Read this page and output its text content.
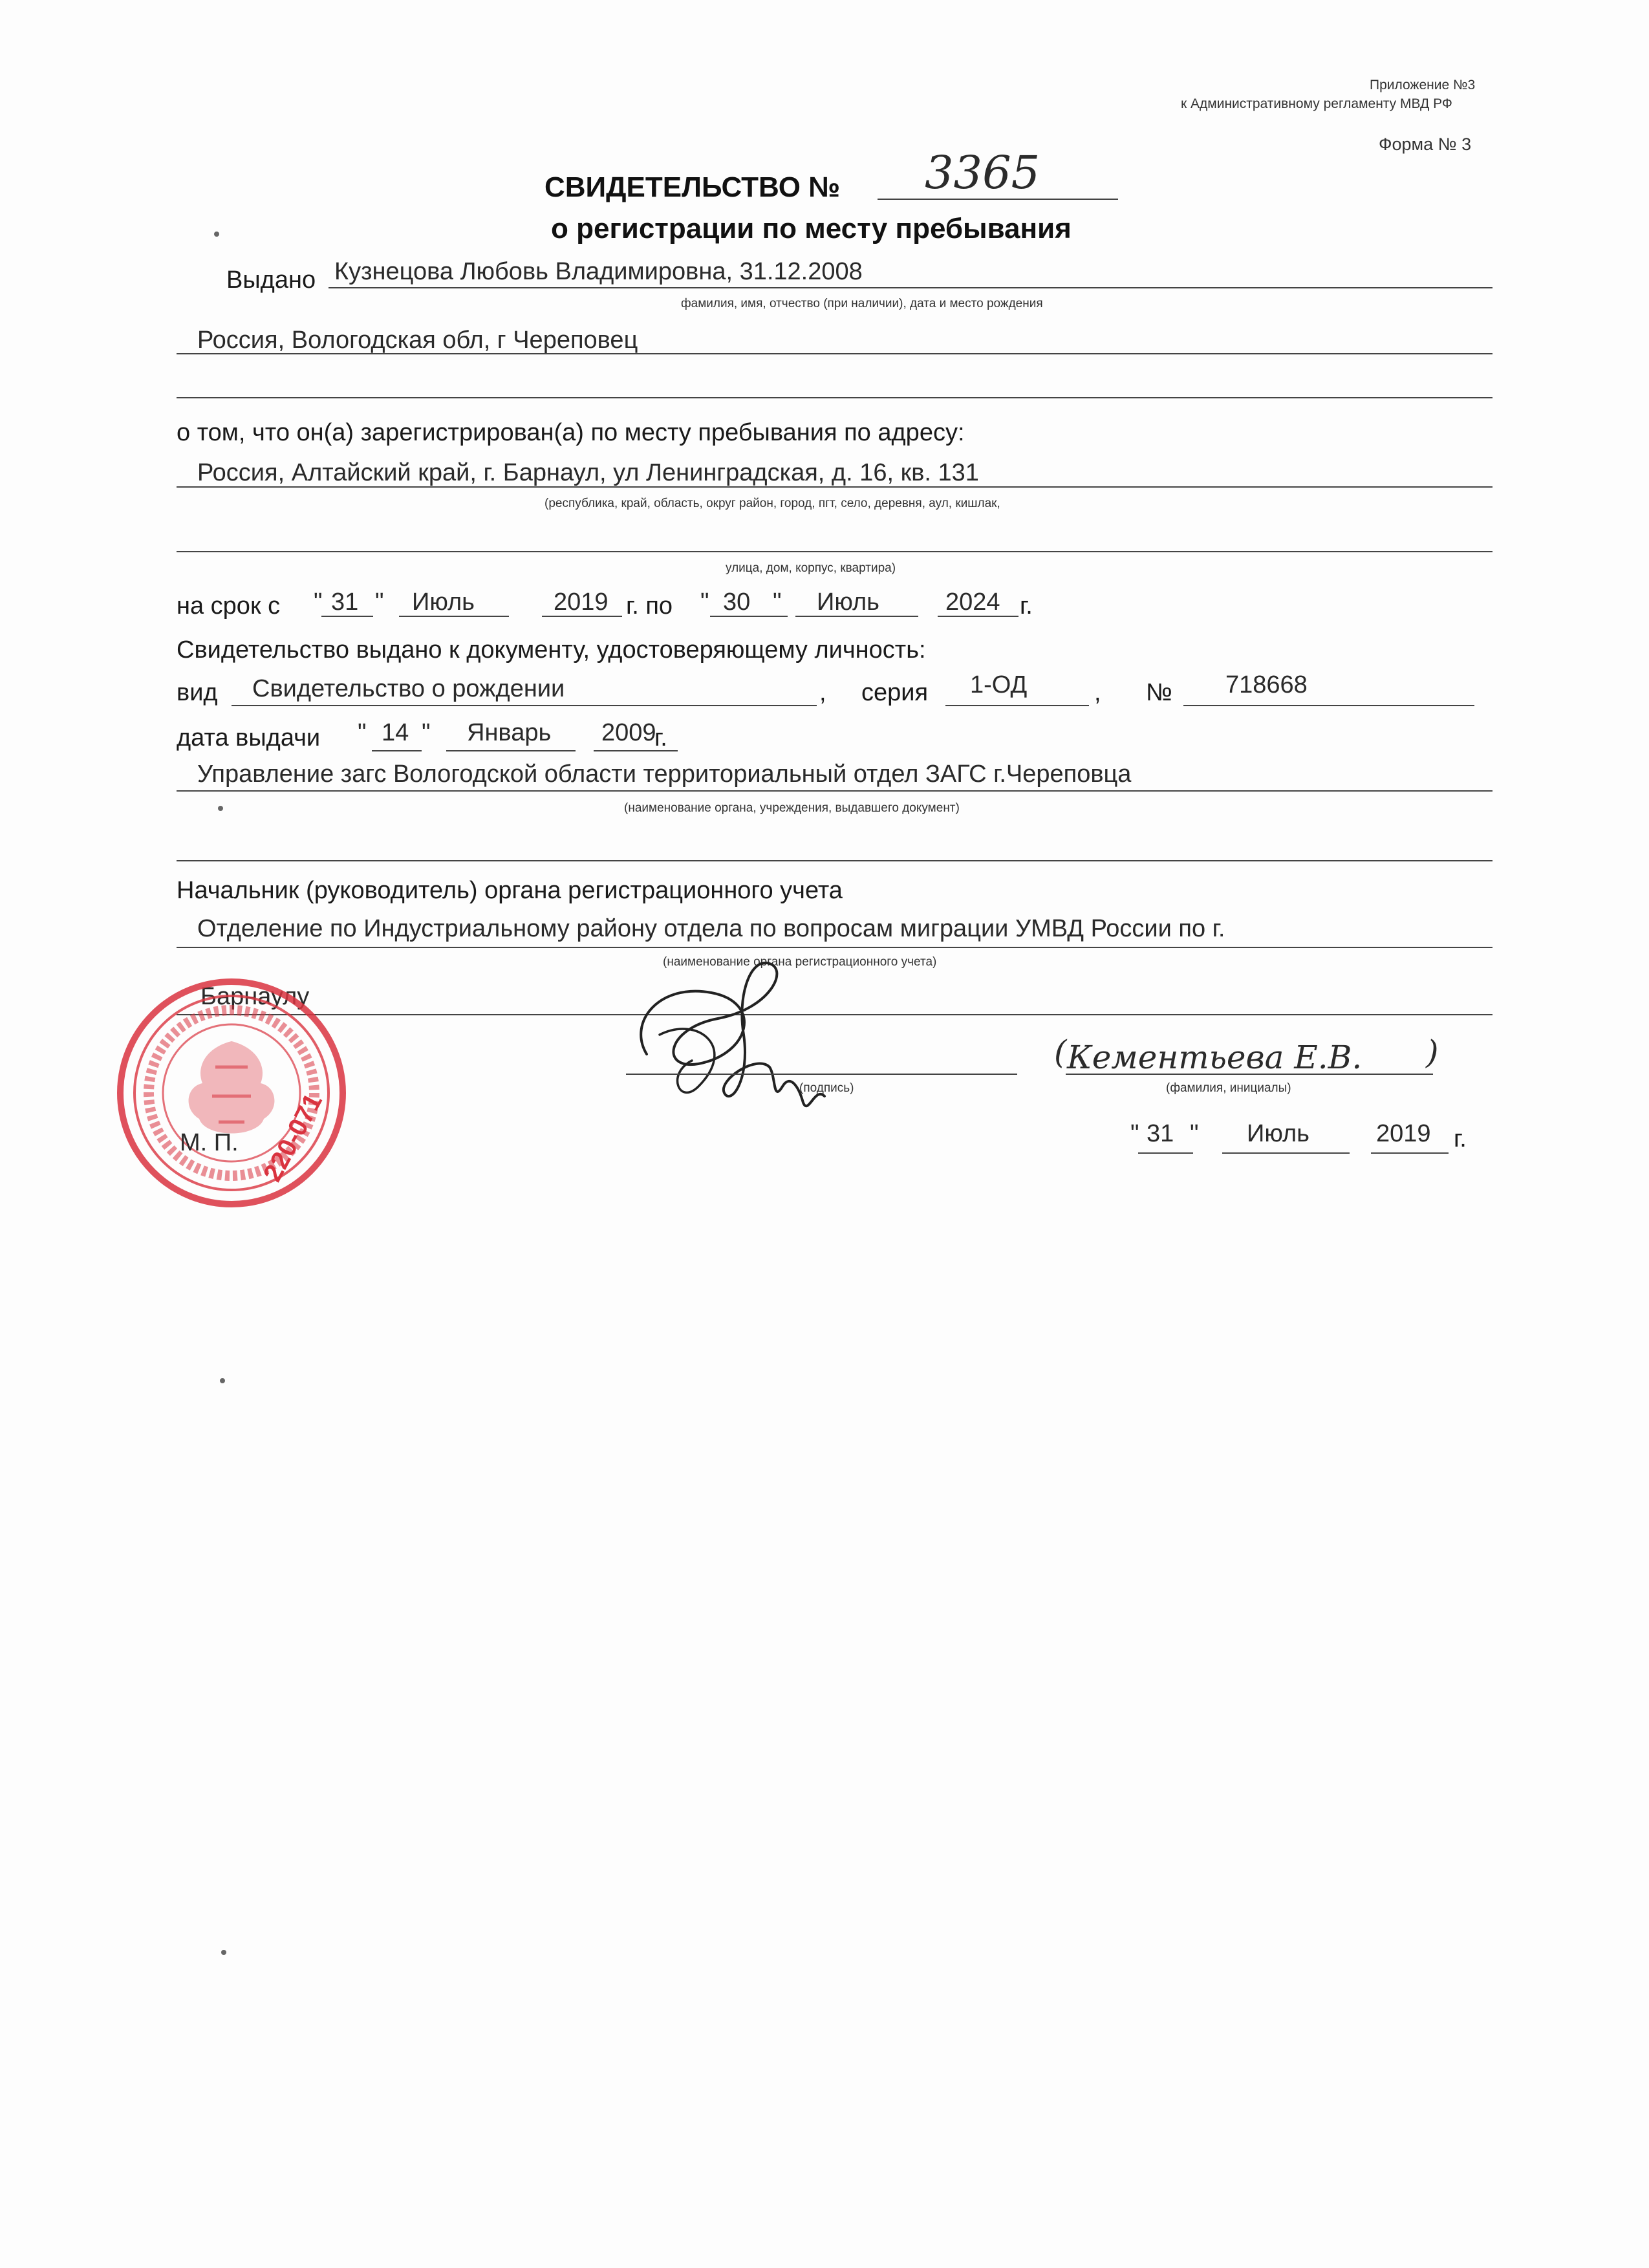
Приложение №3
к Административному регламенту МВД РФ
Форма № 3
СВИДЕТЕЛЬСТВО № 3365
о регистрации по месту пребывания
Выдано Кузнецова Любовь Владимировна, 31.12.2008
фамилия, имя, отчество (при наличии), дата и место рождения
Россия, Вологодская обл, г Череповец
о том, что он(а) зарегистрирован(а) по месту пребывания по адресу:
Россия, Алтайский край, г. Барнаул, ул Ленинградская, д. 16, кв. 131
(республика, край, область, округ район, город, пгт, село, деревня, аул, кишлак,
улица, дом, корпус, квартира)
на срок с " 31 " Июль	2019 г. по " 30 " Июль	2024 г.
Свидетельство выдано к документу, удостоверяющему личность:
вид Свидетельство о рождении	, серия 1-ОД	, № 718668
дата выдачи " 14 " Январь 2009
г.
Управление загс Вологодской области территориальный отдел ЗАГС г.Череповца
(наименование органа, учреждения, выдавшего документ)
Начальник (руководитель) органа регистрационного учета
Отделение по Индустриальному району отдела по вопросам миграции УМВД России по г.
(наименование органа регистрационного учета)
Барнаулу
(подпись)
( Кементьева Е.В. )
(фамилия, инициалы)
" 31 " Июль	2019 г.
220-071
М. П.
